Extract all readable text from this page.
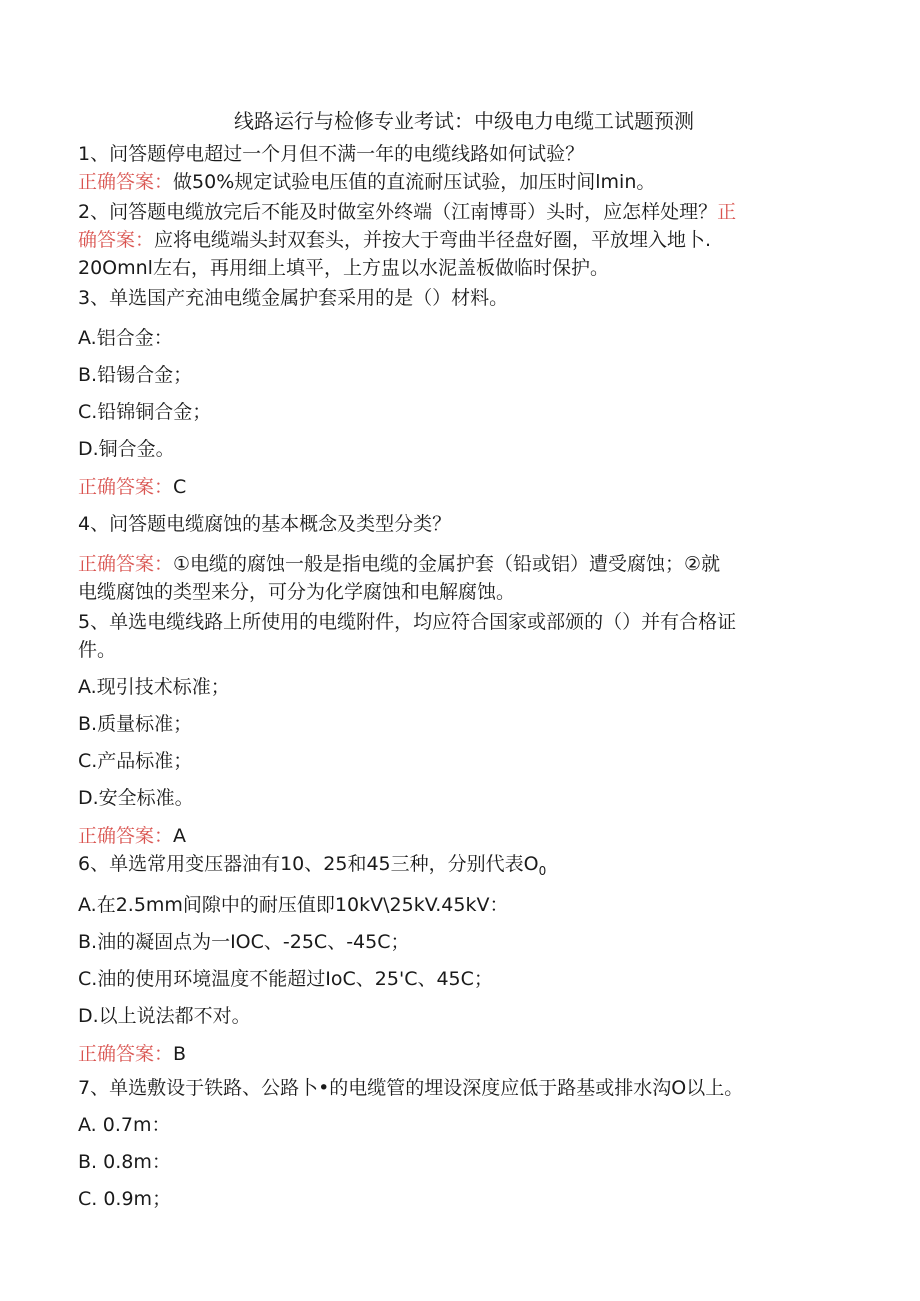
线路运行与检修专业考试：中级电力电缆工试题预测
1、问答题停电超过一个月但不满一年的电缆线路如何试验？
正确答案：做50%规定试验电压值的直流耐压试验，加压时间lmin。
2、问答题电缆放完后不能及时做室外终端（江南博哥）头时，应怎样处理？正
确答案：应将电缆端头封双套头，并按大于弯曲半径盘好圈，平放埋入地卜.
20Omnl左右，再用细上填平，上方盅以水泥盖板做临时保护。
3、单选国产充油电缆金属护套采用的是（）材料。
A.铝合金：
B.铅锡合金；
C.铅锦铜合金；
D.铜合金。
正确答案：C
4、问答题电缆腐蚀的基本概念及类型分类？
正确答案：①电缆的腐蚀一般是指电缆的金属护套（铅或铝）遭受腐蚀；②就
电缆腐蚀的类型来分，可分为化学腐蚀和电解腐蚀。
5、单选电缆线路上所使用的电缆附件，均应符合国家或部颁的（）并有合格证
件。
A.现引技术标准；
B.质量标准；
C.产品标准；
D.安全标准。
正确答案：A
6、单选常用变压器油有10、25和45三种，分别代表$O_0$
A.在2.5mm间隙中的耐压值即10kV\25kV.45kV：
B.油的凝固点为一IOC、-25C、-45C；
C.油的使用环境温度不能超过IoC、25'C、45C；
D.以上说法都不对。
正确答案：B
7、单选敷设于铁路、公路卜•的电缆管的埋设深度应低于路基或排水沟O以上。
A. 0.7m：
B. 0.8m：
C. 0.9m；
